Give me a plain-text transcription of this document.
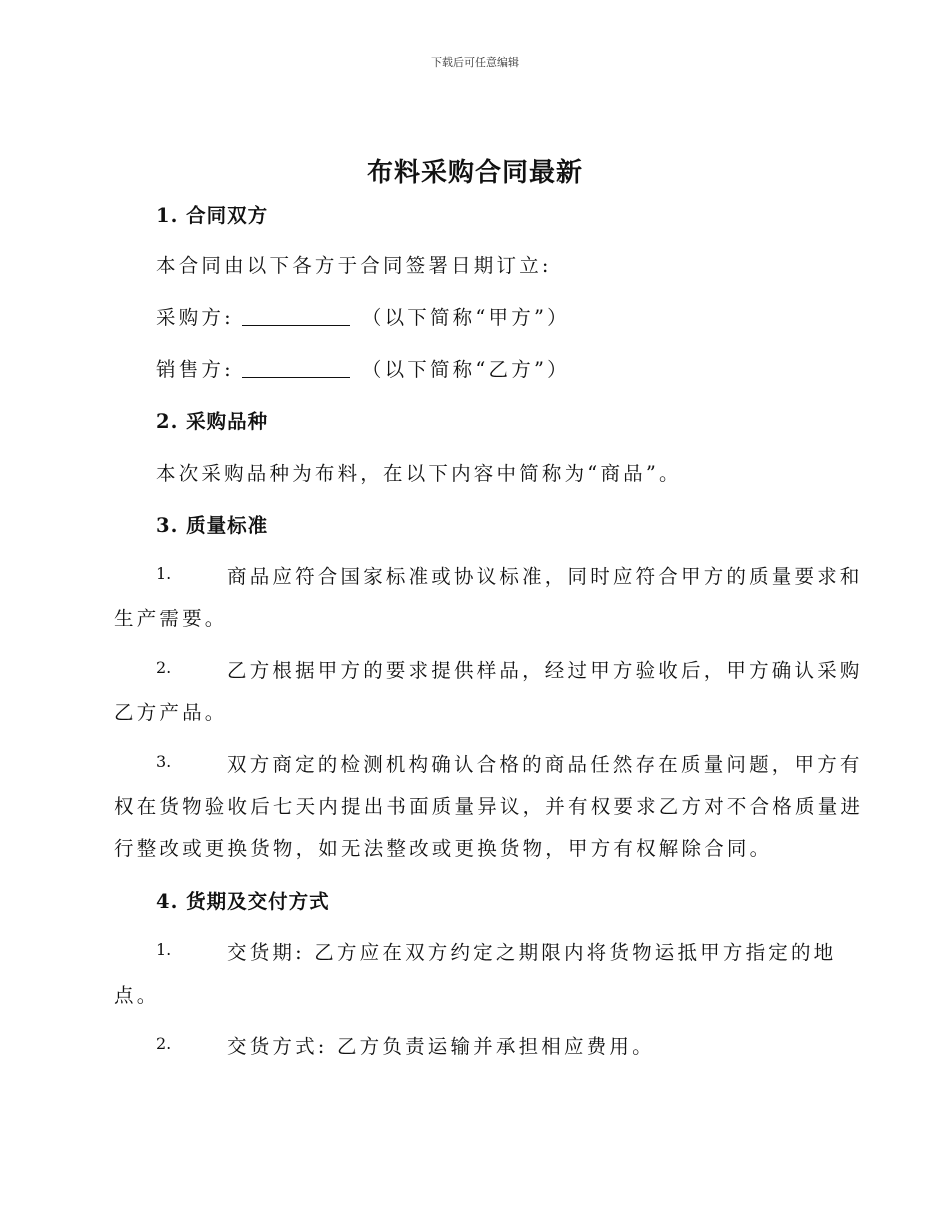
下载后可任意编辑
布料采购合同最新
1. 合同双方
本合同由以下各方于合同签署日期订立:
采购方:	（以下简称“甲方”）
销售方:	（以下简称“乙方”）
2. 采购品种
本次采购品种为布料，在以下内容中简称为“商品”。
3. 质量标准
1.	商品应符合国家标准或协议标准，同时应符合甲方的质量要求和
生产需要。
2.	乙方根据甲方的要求提供样品，经过甲方验收后，甲方确认采购
乙方产品。
3.	双方商定的检测机构确认合格的商品任然存在质量问题，甲方有
权在货物验收后七天内提出书面质量异议，并有权要求乙方对不合格质量进
行整改或更换货物，如无法整改或更换货物，甲方有权解除合同。
4. 货期及交付方式
1.	交货期: 乙方应在双方约定之期限内将货物运抵甲方指定的地
点。
2.	交货方式: 乙方负责运输并承担相应费用。
